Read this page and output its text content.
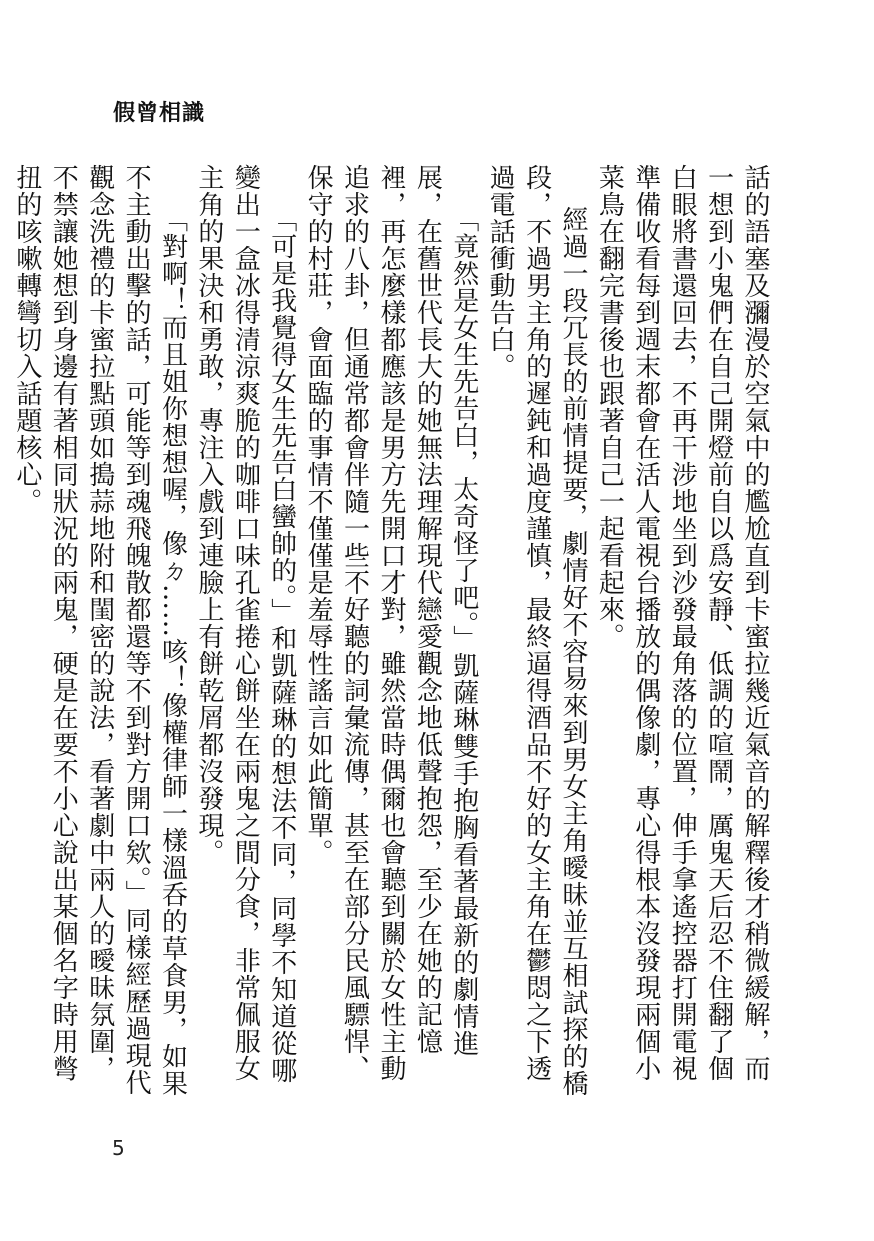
假曾相識

話的語塞及瀰漫於空氣中的尷尬直到卡蜜拉幾近氣音的解釋後才稍微緩解，而一想到小鬼們在自己開燈前自以爲安靜、低調的喧鬧，厲鬼天后忍不住翻了個白眼將書還回去，不再干涉地坐到沙發最角落的位置，伸手拿遙控器打開電視準備收看每到週末都會在活人電視台播放的偶像劇，專心得根本沒發現兩個小菜鳥在翻完書後也跟著自己一起看起來。

經過一段冗長的前情提要，劇情好不容易來到男女主角曖昧並互相試探的橋段，不過男主角的遲鈍和過度謹慎，最終逼得酒品不好的女主角在鬱悶之下透過電話衝動告白。

「竟然是女生先告白，太奇怪了吧。」凱薩琳雙手抱胸看著最新的劇情進展，在舊世代長大的她無法理解現代戀愛觀念地低聲抱怨，至少在她的記憶裡，再怎麼樣都應該是男方先開口才對，雖然當時偶爾也會聽到關於女性主動追求的八卦，但通常都會伴隨一些不好聽的詞彙流傳，甚至在部分民風驃悍、保守的村莊，會面臨的事情不僅僅是羞辱性謠言如此簡單。

「可是我覺得女生先告白蠻帥的。」和凱薩琳的想法不同，同學不知道從哪變出一盒冰得清涼爽脆的咖啡口味孔雀捲心餅坐在兩鬼之間分食，非常佩服女主角的果決和勇敢，專注入戲到連臉上有餅乾屑都沒發現。

「對啊！而且姐你想想喔，像ㄉ……咳！像權律師一樣溫呑的草食男，如果不主動出擊的話，可能等到魂飛魄散都還等不到對方開口欸。」同樣經歷過現代觀念洗禮的卡蜜拉點頭如搗蒜地附和閨密的說法，看著劇中兩人的曖昧氛圍，不禁讓她想到身邊有著相同狀況的兩鬼，硬是在要不小心說出某個名字時用彆扭的咳嗽轉彎切入話題核心。

5
